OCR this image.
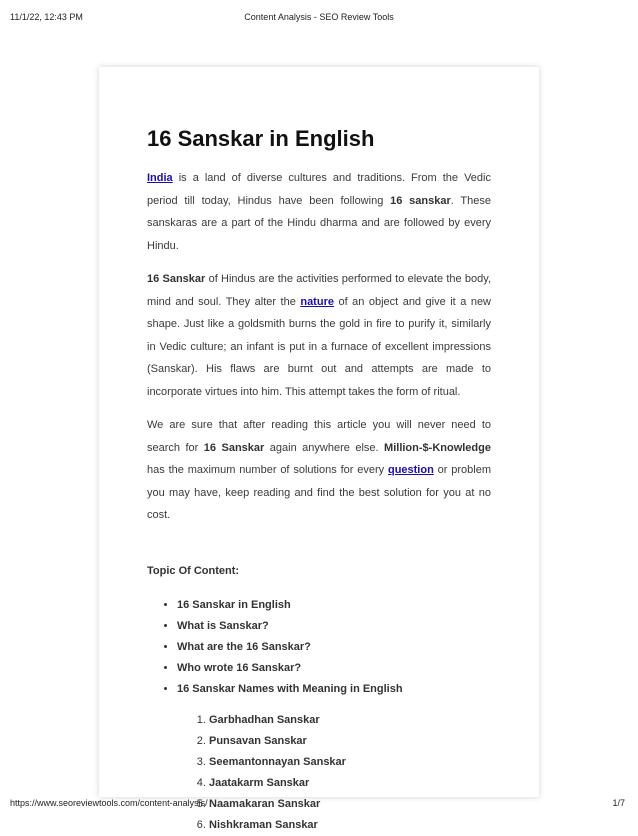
Content Analysis - SEO Review Tools
11/1/22, 12:43 PM
16 Sanskar in English

India is a land of diverse cultures and traditions. From the Vedic period till today, Hindus have been following 16 sanskar. These sanskaras are a part of the Hindu dharma and are followed by every Hindu.

16 Sanskar of Hindus are the activities performed to elevate the body, mind and soul. They alter the nature of an object and give it a new shape. Just like a goldsmith burns the gold in fire to purify it, similarly in Vedic culture; an infant is put in a furnace of excellent impressions (Sanskar). His flaws are burnt out and attempts are made to incorporate virtues into him. This attempt takes the form of ritual.

We are sure that after reading this article you will never need to search for 16 Sanskar again anywhere else. Million-$-Knowledge has the maximum number of solutions for every question or problem you may have, keep reading and find the best solution for you at no cost.

Topic Of Content:
• 16 Sanskar in English
• What is Sanskar?
• What are the 16 Sanskar?
• Who wrote 16 Sanskar?
• 16 Sanskar Names with Meaning in English
1. Garbhadhan Sanskar
2. Punsavan Sanskar
3. Seemantonnayan Sanskar
4. Jaatakarm Sanskar
5. Naamakaran Sanskar
6. Nishkraman Sanskar
https://www.seoreviewtools.com/content-analysis/	1/7
